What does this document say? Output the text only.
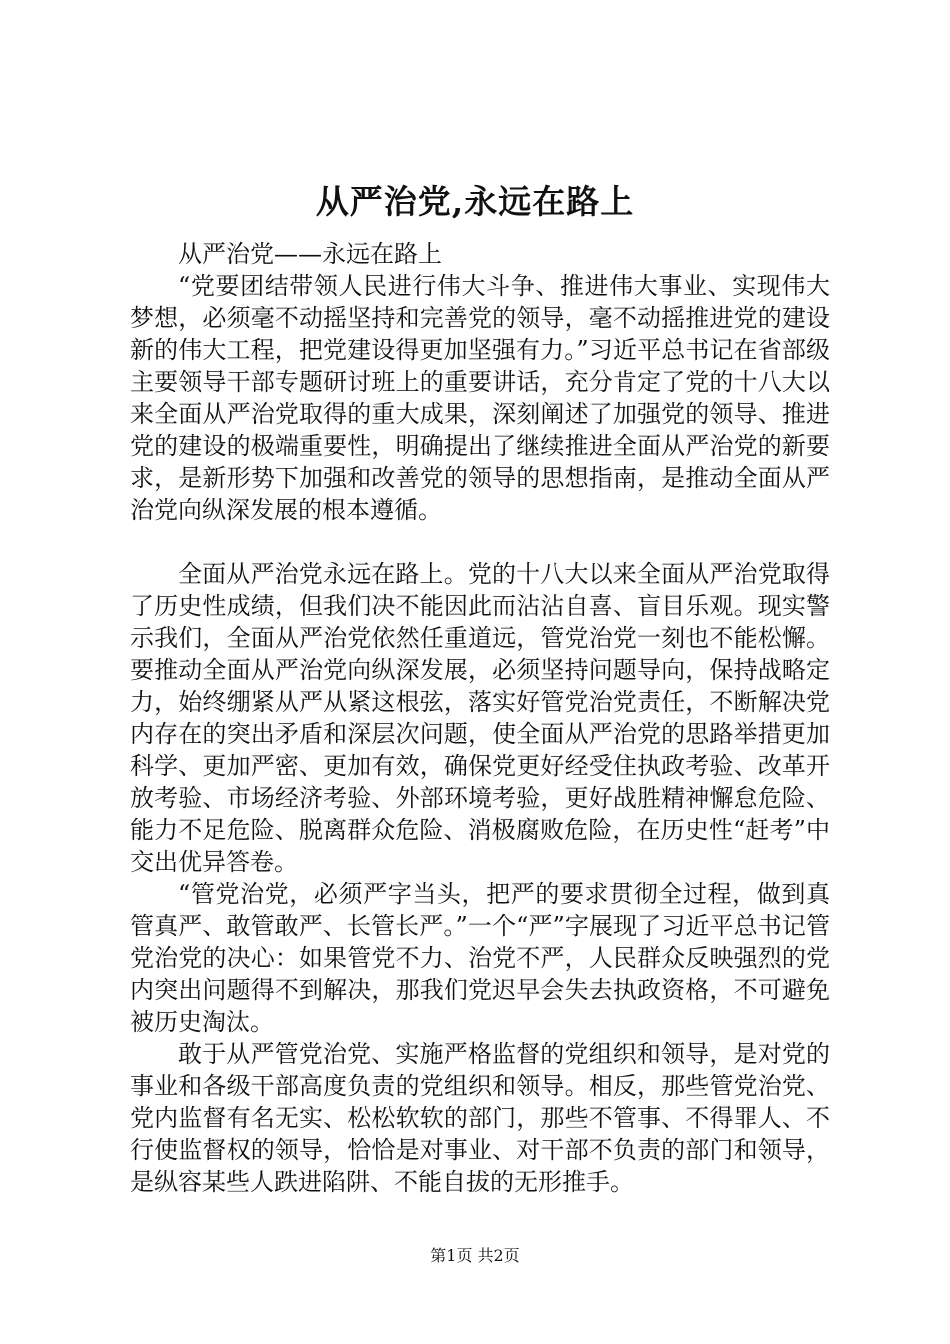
从严治党,永远在路上

从严治党——永远在路上

“党要团结带领人民进行伟大斗争、推进伟大事业、实现伟大梦想，必须毫不动摇坚持和完善党的领导，毫不动摇推进党的建设新的伟大工程，把党建设得更加坚强有力。”习近平总书记在省部级主要领导干部专题研讨班上的重要讲话，充分肯定了党的十八大以来全面从严治党取得的重大成果，深刻阐述了加强党的领导、推进党的建设的极端重要性，明确提出了继续推进全面从严治党的新要求，是新形势下加强和改善党的领导的思想指南，是推动全面从严治党向纵深发展的根本遵循。

全面从严治党永远在路上。党的十八大以来全面从严治党取得了历史性成绩，但我们决不能因此而沾沾自喜、盲目乐观。现实警示我们，全面从严治党依然任重道远，管党治党一刻也不能松懈。要推动全面从严治党向纵深发展，必须坚持问题导向，保持战略定力，始终绷紧从严从紧这根弦，落实好管党治党责任，不断解决党内存在的突出矛盾和深层次问题，使全面从严治党的思路举措更加科学、更加严密、更加有效，确保党更好经受住执政考验、改革开放考验、市场经济考验、外部环境考验，更好战胜精神懈怠危险、能力不足危险、脱离群众危险、消极腐败危险，在历史性“赶考”中交出优异答卷。

“管党治党，必须严字当头，把严的要求贯彻全过程，做到真管真严、敢管敢严、长管长严。”一个“严”字展现了习近平总书记管党治党的决心：如果管党不力、治党不严，人民群众反映强烈的党内突出问题得不到解决，那我们党迟早会失去执政资格，不可避免被历史淘汰。

敢于从严管党治党、实施严格监督的党组织和领导，是对党的事业和各级干部高度负责的党组织和领导。相反，那些管党治党、党内监督有名无实、松松软软的部门，那些不管事、不得罪人、不行使监督权的领导，恰恰是对事业、对干部不负责的部门和领导，是纵容某些人跌进陷阱、不能自拔的无形推手。

第1页 共2页
